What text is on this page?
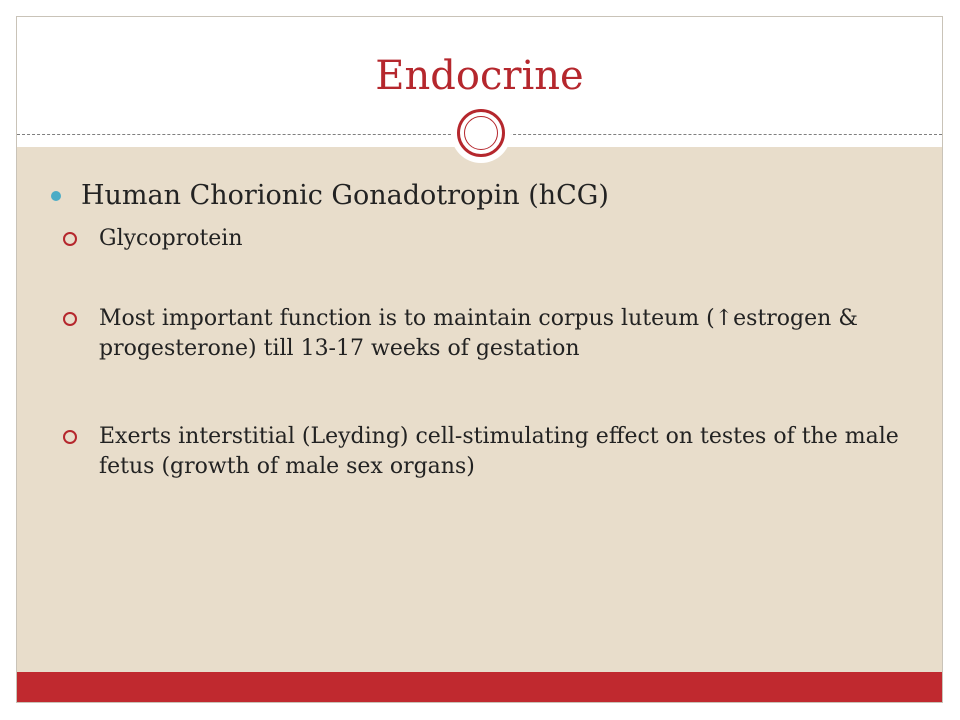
Endocrine
Human Chorionic Gonadotropin (hCG)
Glycoprotein
Most important function is to maintain corpus luteum (↑estrogen & progesterone) till 13-17 weeks of gestation
Exerts interstitial (Leyding) cell-stimulating effect on testes of the male fetus (growth of male sex organs)
